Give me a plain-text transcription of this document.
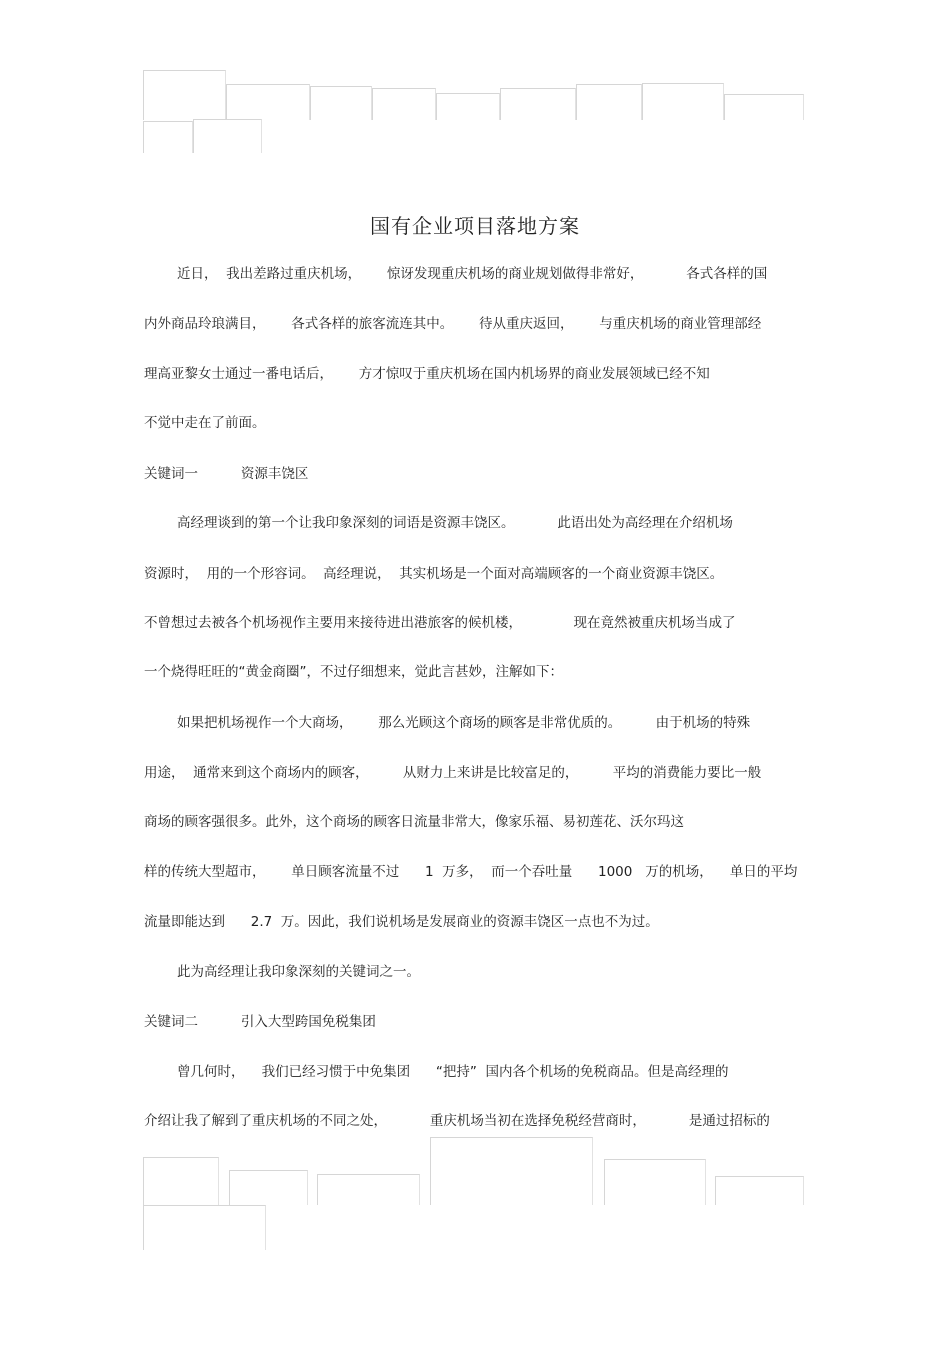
国有企业项目落地方案
近日，  我出差路过重庆机场，      惊讶发现重庆机场的商业规划做得非常好，          各式各样的国
内外商品玲琅满目，      各式各样的旅客流连其中。      待从重庆返回，      与重庆机场的商业管理部经
理高亚黎女士通过一番电话后，      方才惊叹于重庆机场在国内机场界的商业发展领域已经不知
不觉中走在了前面。
关键词一          资源丰饶区
高经理谈到的第一个让我印象深刻的词语是资源丰饶区。          此语出处为高经理在介绍机场
资源时，  用的一个形容词。  高经理说，  其实机场是一个面对高端顾客的一个商业资源丰饶区。
不曾想过去被各个机场视作主要用来接待进出港旅客的候机楼，            现在竟然被重庆机场当成了
一个烧得旺旺的“黄金商圈”，不过仔细想来，觉此言甚妙，注解如下：
如果把机场视作一个大商场，      那么光顾这个商场的顾客是非常优质的。        由于机场的特殊
用途，  通常来到这个商场内的顾客，        从财力上来讲是比较富足的，        平均的消费能力要比一般
商场的顾客强很多。此外，这个商场的顾客日流量非常大，像家乐福、易初莲花、沃尔玛这
样的传统大型超市，      单日顾客流量不过      1  万多，  而一个吞吐量      1000   万的机场，    单日的平均
流量即能达到      2.7  万。因此，我们说机场是发展商业的资源丰饶区一点也不为过。
此为高经理让我印象深刻的关键词之一。
关键词二          引入大型跨国免税集团
曾几何时，    我们已经习惯于中免集团      “把持”  国内各个机场的免税商品。但是高经理的
介绍让我了解到了重庆机场的不同之处，          重庆机场当初在选择免税经营商时，          是通过招标的
